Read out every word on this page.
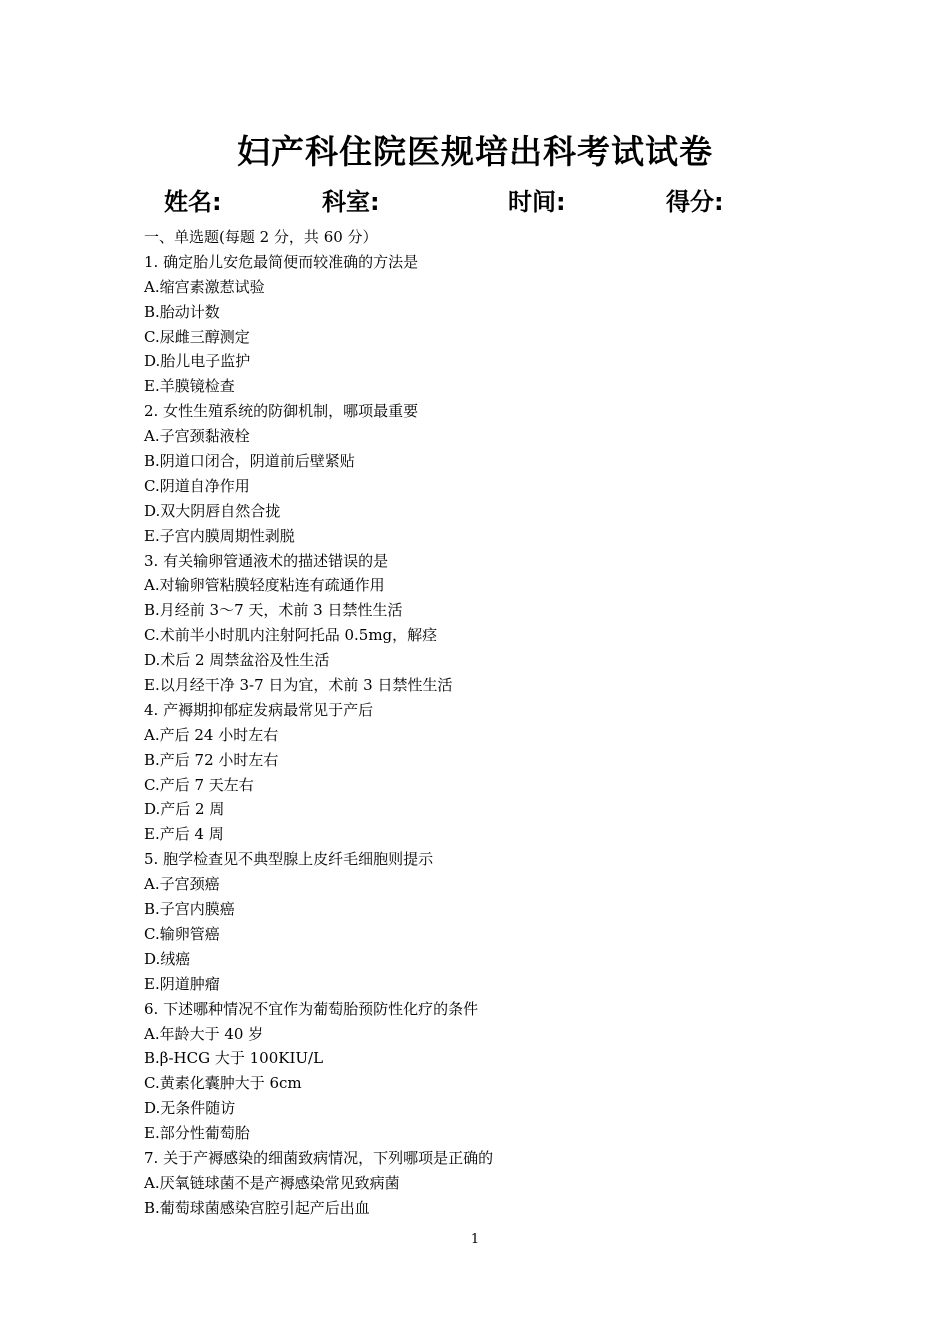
妇产科住院医规培出科考试试卷
姓名:	科室:	时间:	得分:
一、单选题(每题 2 分，共 60 分）
1. 确定胎儿安危最简便而较准确的方法是
A.缩宫素激惹试验
B.胎动计数
C.尿雌三醇测定
D.胎儿电子监护
E.羊膜镜检查
2. 女性生殖系统的防御机制，哪项最重要
A.子宫颈黏液栓
B.阴道口闭合，阴道前后壁紧贴
C.阴道自净作用
D.双大阴唇自然合拢
E.子宫内膜周期性剥脱
3. 有关输卵管通液术的描述错误的是
A.对输卵管粘膜轻度粘连有疏通作用
B.月经前 3～7 天，术前 3 日禁性生活
C.术前半小时肌内注射阿托品 0.5mg，解痉
D.术后 2 周禁盆浴及性生活
E.以月经干净 3-7 日为宜，术前 3 日禁性生活
4. 产褥期抑郁症发病最常见于产后
A.产后 24 小时左右
B.产后 72 小时左右
C.产后 7 天左右
D.产后 2 周
E.产后 4 周
5. 胞学检查见不典型腺上皮纤毛细胞则提示
A.子宫颈癌
B.子宫内膜癌
C.输卵管癌
D.绒癌
E.阴道肿瘤
6. 下述哪种情况不宜作为葡萄胎预防性化疗的条件
A.年龄大于 40 岁
B.β-HCG 大于 100KIU/L
C.黄素化囊肿大于 6cm
D.无条件随访
E.部分性葡萄胎
7. 关于产褥感染的细菌致病情况，下列哪项是正确的
A.厌氧链球菌不是产褥感染常见致病菌
B.葡萄球菌感染宫腔引起产后出血
1
